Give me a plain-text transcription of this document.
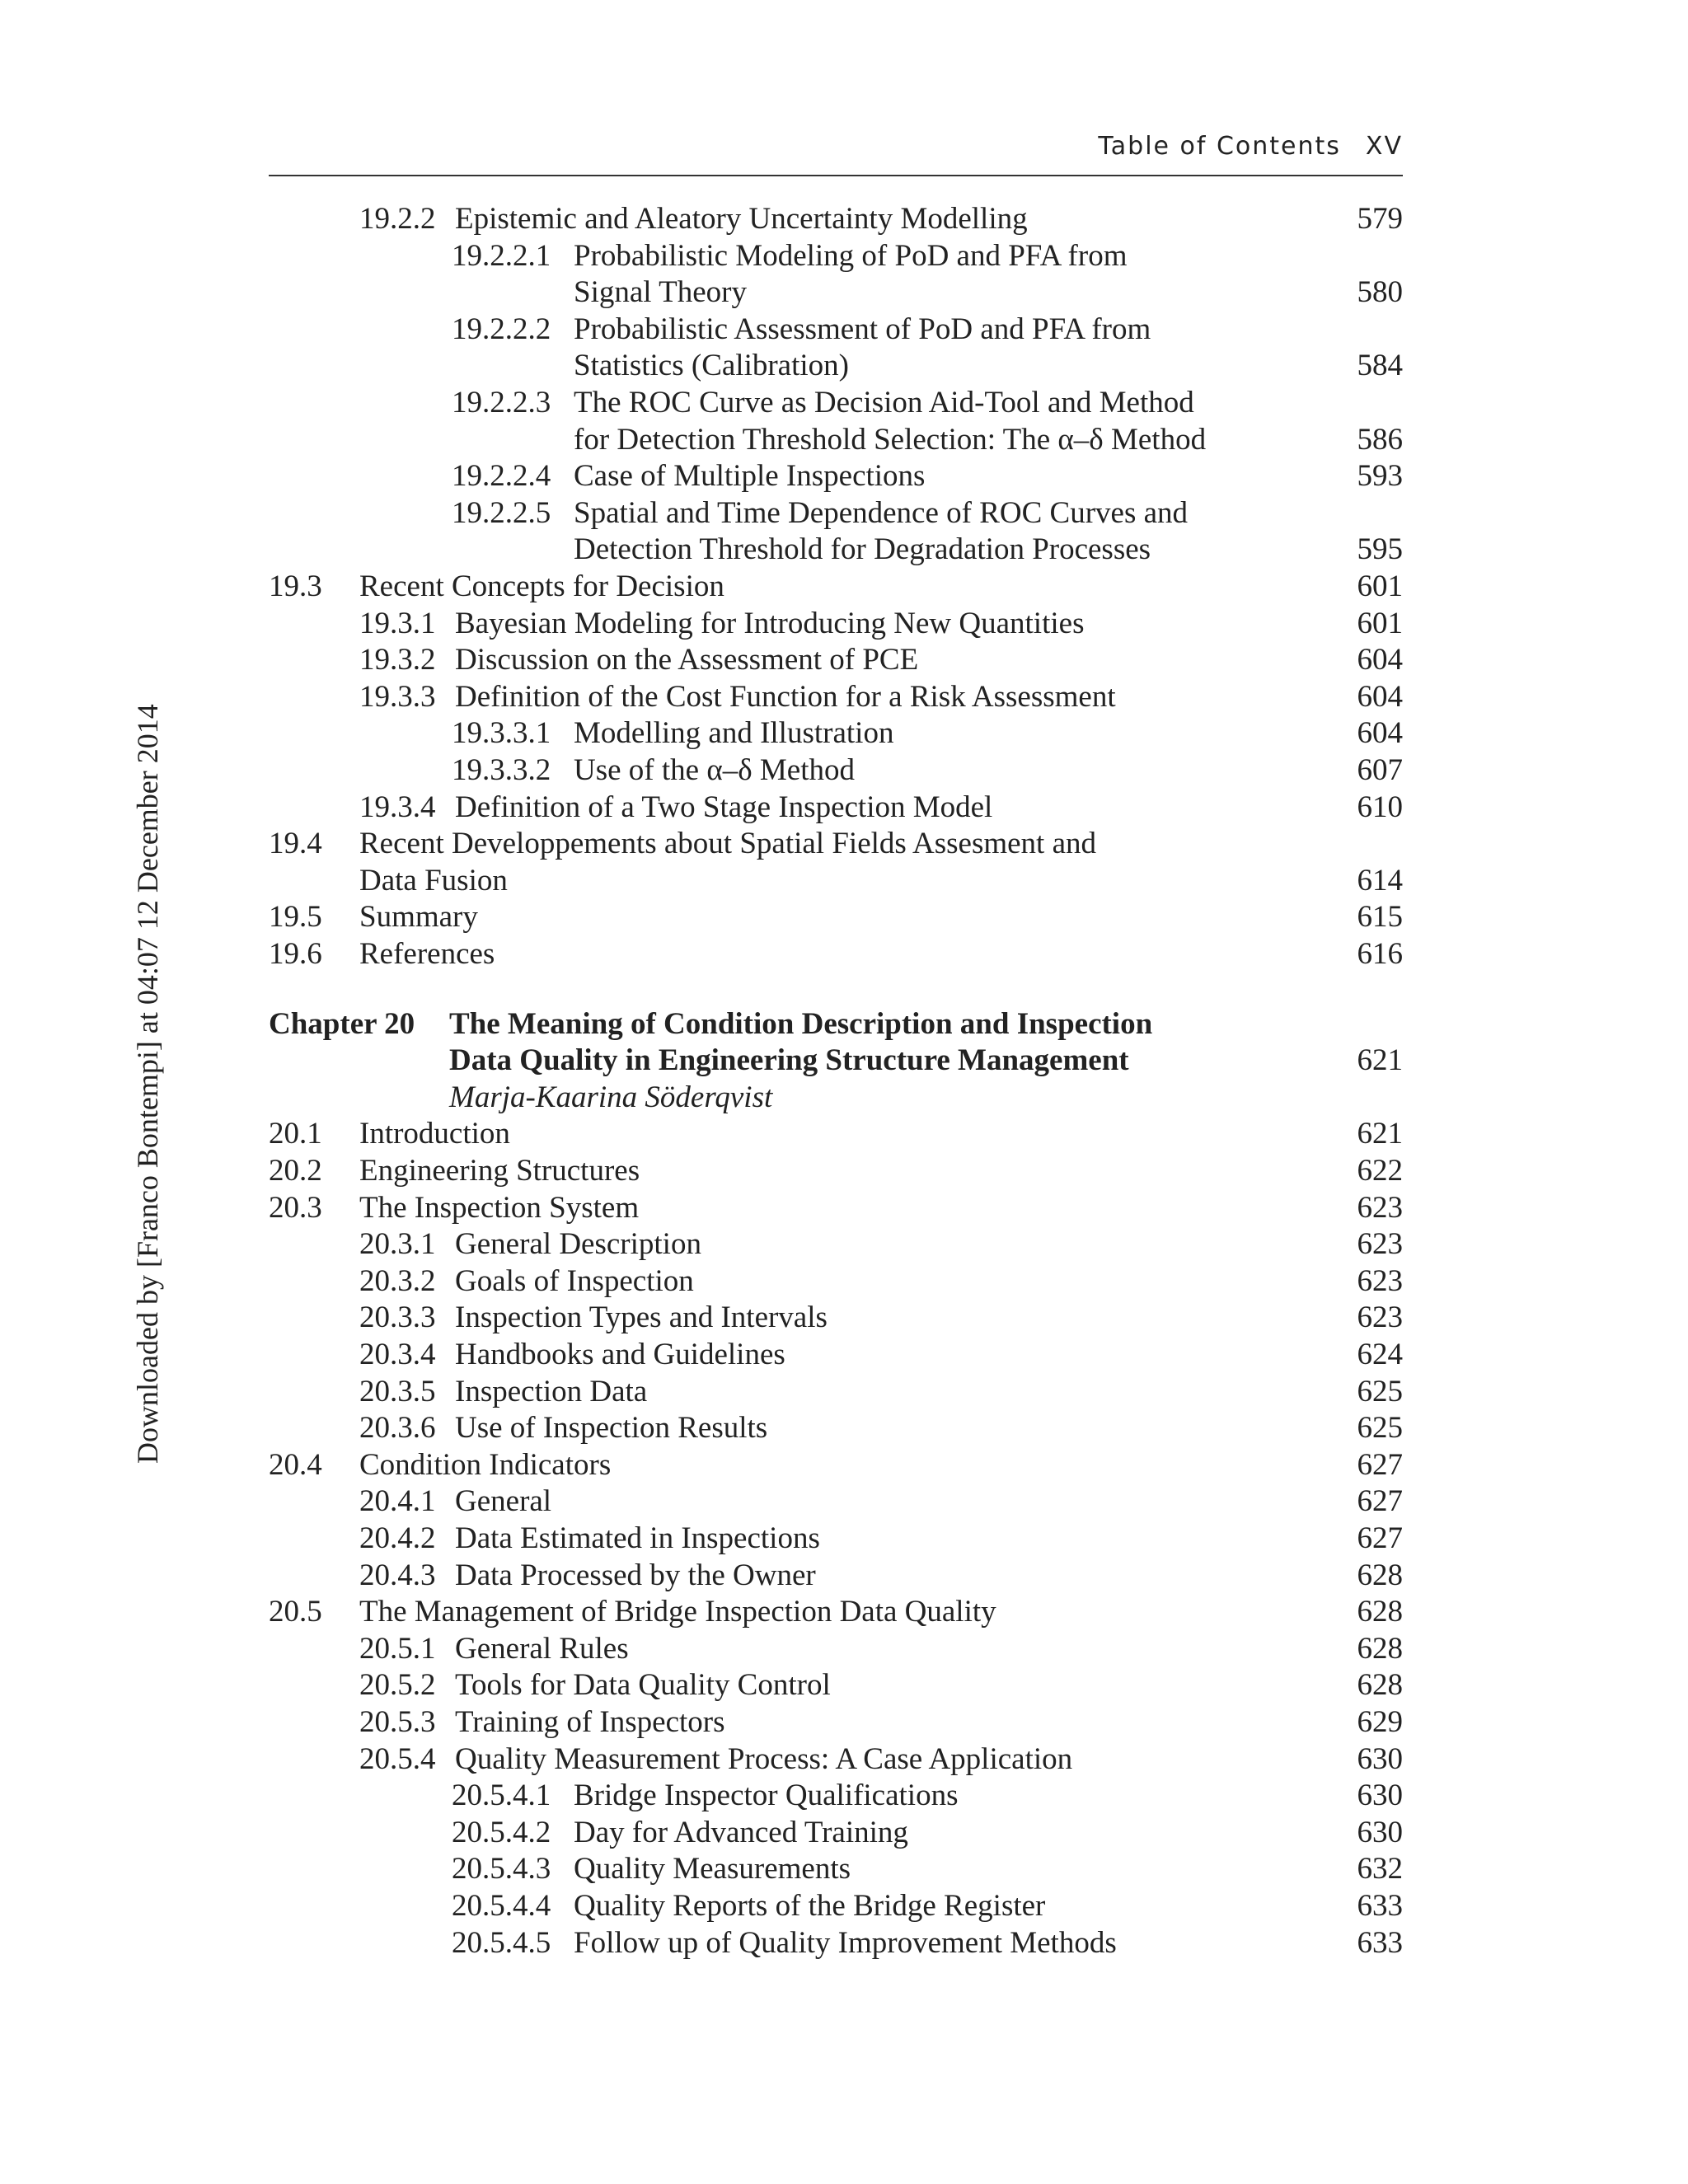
Table of Contents XV
Downloaded by [Franco Bontempi] at 04:07 12 December 2014
19.2.2 Epistemic and Aleatory Uncertainty Modelling	579
19.2.2.1 Probabilistic Modeling of PoD and PFA from
Signal Theory	580
19.2.2.2 Probabilistic Assessment of PoD and PFA from
Statistics (Calibration)	584
19.2.2.3 The ROC Curve as Decision Aid-Tool and Method
for Detection Threshold Selection: The α–δ Method	586
19.2.2.4 Case of Multiple Inspections	593
19.2.2.5 Spatial and Time Dependence of ROC Curves and
Detection Threshold for Degradation Processes	595
19.3 Recent Concepts for Decision	601
19.3.1 Bayesian Modeling for Introducing New Quantities	601
19.3.2 Discussion on the Assessment of PCE	604
19.3.3 Definition of the Cost Function for a Risk Assessment	604
19.3.3.1 Modelling and Illustration	604
19.3.3.2 Use of the α–δ Method	607
19.3.4 Definition of a Two Stage Inspection Model	610
19.4 Recent Developpements about Spatial Fields Assesment and
Data Fusion	614
19.5 Summary	615
19.6 References	616
Chapter 20 The Meaning of Condition Description and Inspection
Data Quality in Engineering Structure Management	621
Marja-Kaarina Söderqvist
20.1 Introduction	621
20.2 Engineering Structures	622
20.3 The Inspection System	623
20.3.1 General Description	623
20.3.2 Goals of Inspection	623
20.3.3 Inspection Types and Intervals	623
20.3.4 Handbooks and Guidelines	624
20.3.5 Inspection Data	625
20.3.6 Use of Inspection Results	625
20.4 Condition Indicators	627
20.4.1 General	627
20.4.2 Data Estimated in Inspections	627
20.4.3 Data Processed by the Owner	628
20.5 The Management of Bridge Inspection Data Quality	628
20.5.1 General Rules	628
20.5.2 Tools for Data Quality Control	628
20.5.3 Training of Inspectors	629
20.5.4 Quality Measurement Process: A Case Application	630
20.5.4.1 Bridge Inspector Qualifications	630
20.5.4.2 Day for Advanced Training	630
20.5.4.3 Quality Measurements	632
20.5.4.4 Quality Reports of the Bridge Register	633
20.5.4.5 Follow up of Quality Improvement Methods	633
